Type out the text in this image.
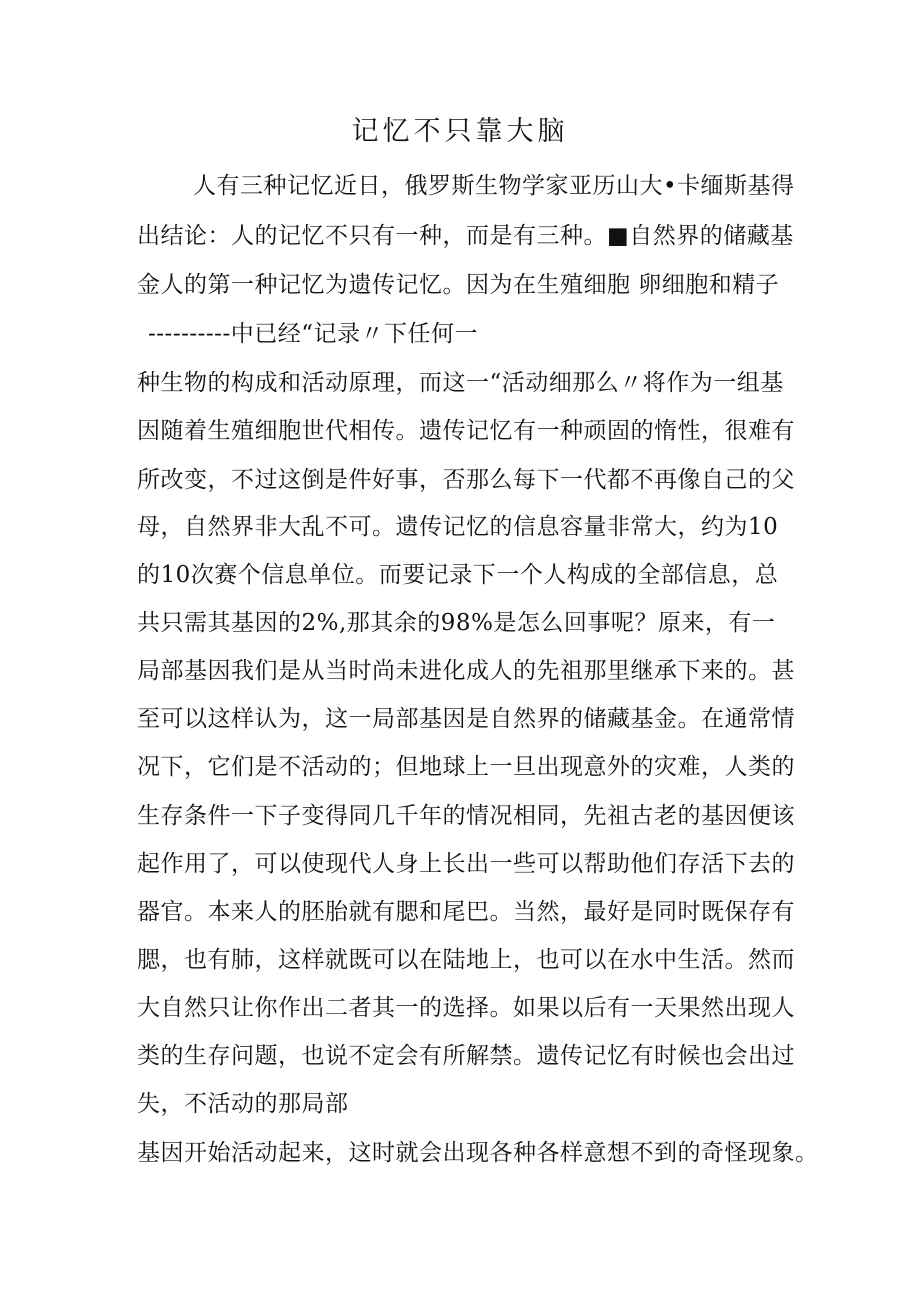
记忆不只靠大脑
人有三种记忆近日，俄罗斯生物学家亚历山大•卡缅斯基得
出结论：人的记忆不只有一种，而是有三种。■自然界的储藏基
金人的第一种记忆为遗传记忆。因为在生殖细胞 卵细胞和精子
----------中已经“记录〃下任何一
种生物的构成和活动原理，而这一“活动细那么〃将作为一组基
因随着生殖细胞世代相传。遗传记忆有一种顽固的惰性，很难有
所改变，不过这倒是件好事，否那么每下一代都不再像自己的父
母，自然界非大乱不可。遗传记忆的信息容量非常大，约为10
的10次赛个信息单位。而要记录下一个人构成的全部信息，总
共只需其基因的2%,那其余的98%是怎么回事呢？原来，有一
局部基因我们是从当时尚未进化成人的先祖那里继承下来的。甚
至可以这样认为，这一局部基因是自然界的储藏基金。在通常情
况下，它们是不活动的；但地球上一旦出现意外的灾难，人类的
生存条件一下子变得同几千年的情况相同，先祖古老的基因便该
起作用了，可以使现代人身上长出一些可以帮助他们存活下去的
器官。本来人的胚胎就有腮和尾巴。当然，最好是同时既保存有
腮，也有肺，这样就既可以在陆地上，也可以在水中生活。然而
大自然只让你作出二者其一的选择。如果以后有一天果然出现人
类的生存问题，也说不定会有所解禁。遗传记忆有时候也会出过
失，不活动的那局部
基因开始活动起来，这时就会出现各种各样意想不到的奇怪现象。
